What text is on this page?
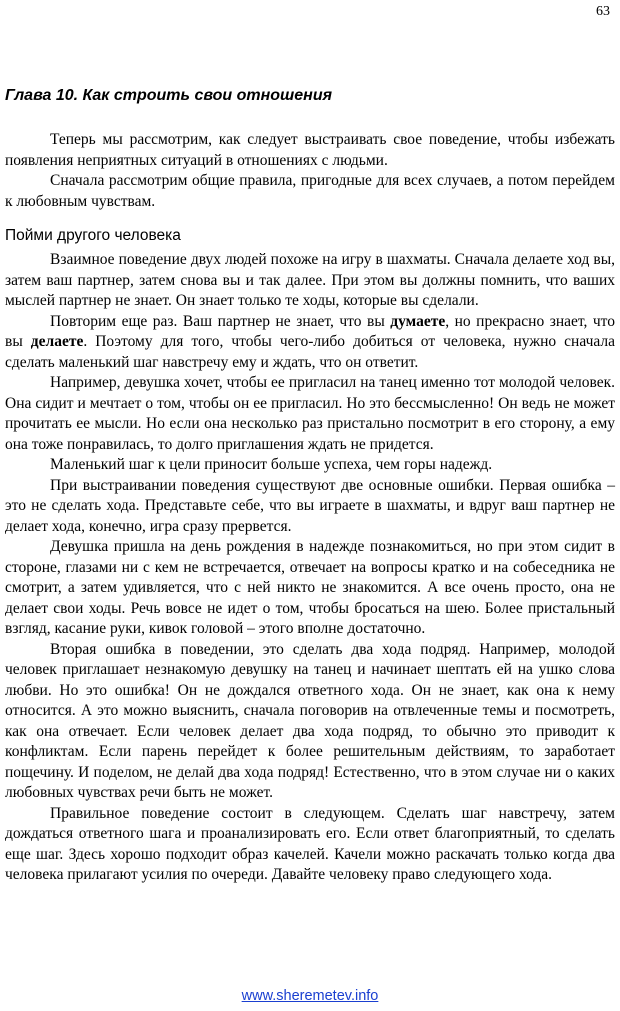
63
Глава 10. Как строить свои отношения

Теперь мы рассмотрим, как следует выстраивать свое поведение, чтобы избежать появления неприятных ситуаций в отношениях с людьми.

Сначала рассмотрим общие правила, пригодные для всех случаев, а потом перейдем к любовным чувствам.

Пойми другого человека

Взаимное поведение двух людей похоже на игру в шахматы. Сначала делаете ход вы, затем ваш партнер, затем снова вы и так далее. При этом вы должны помнить, что ваших мыслей партнер не знает. Он знает только те ходы, которые вы сделали.

Повторим еще раз. Ваш партнер не знает, что вы думаете, но прекрасно знает, что вы делаете. Поэтому для того, чтобы чего-либо добиться от человека, нужно сначала сделать маленький шаг навстречу ему и ждать, что он ответит.

Например, девушка хочет, чтобы ее пригласил на танец именно тот молодой человек. Она сидит и мечтает о том, чтобы он ее пригласил. Но это бессмысленно! Он ведь не может прочитать ее мысли. Но если она несколько раз пристально посмотрит в его сторону, а ему она тоже понравилась, то долго приглашения ждать не придется.

Маленький шаг к цели приносит больше успеха, чем горы надежд.

При выстраивании поведения существуют две основные ошибки. Первая ошибка – это не сделать хода. Представьте себе, что вы играете в шахматы, и вдруг ваш партнер не делает хода, конечно, игра сразу прервется.

Девушка пришла на день рождения в надежде познакомиться, но при этом сидит в стороне, глазами ни с кем не встречается, отвечает на вопросы кратко и на собеседника не смотрит, а затем удивляется, что с ней никто не знакомится. А все очень просто, она не делает свои ходы. Речь вовсе не идет о том, чтобы бросаться на шею. Более пристальный взгляд, касание руки, кивок головой – этого вполне достаточно.

Вторая ошибка в поведении, это сделать два хода подряд. Например, молодой человек приглашает незнакомую девушку на танец и начинает шептать ей на ушко слова любви. Но это ошибка! Он не дождался ответного хода. Он не знает, как она к нему относится. А это можно выяснить, сначала поговорив на отвлеченные темы и посмотреть, как она отвечает. Если человек делает два хода подряд, то обычно это приводит к конфликтам. Если парень перейдет к более решительным действиям, то заработает пощечину. И поделом, не делай два хода подряд! Естественно, что в этом случае ни о каких любовных чувствах речи быть не может.

Правильное поведение состоит в следующем. Сделать шаг навстречу, затем дождаться ответного шага и проанализировать его. Если ответ благоприятный, то сделать еще шаг. Здесь хорошо подходит образ качелей. Качели можно раскачать только когда два человека прилагают усилия по очереди. Давайте человеку право следующего хода.

www.sheremetev.info
